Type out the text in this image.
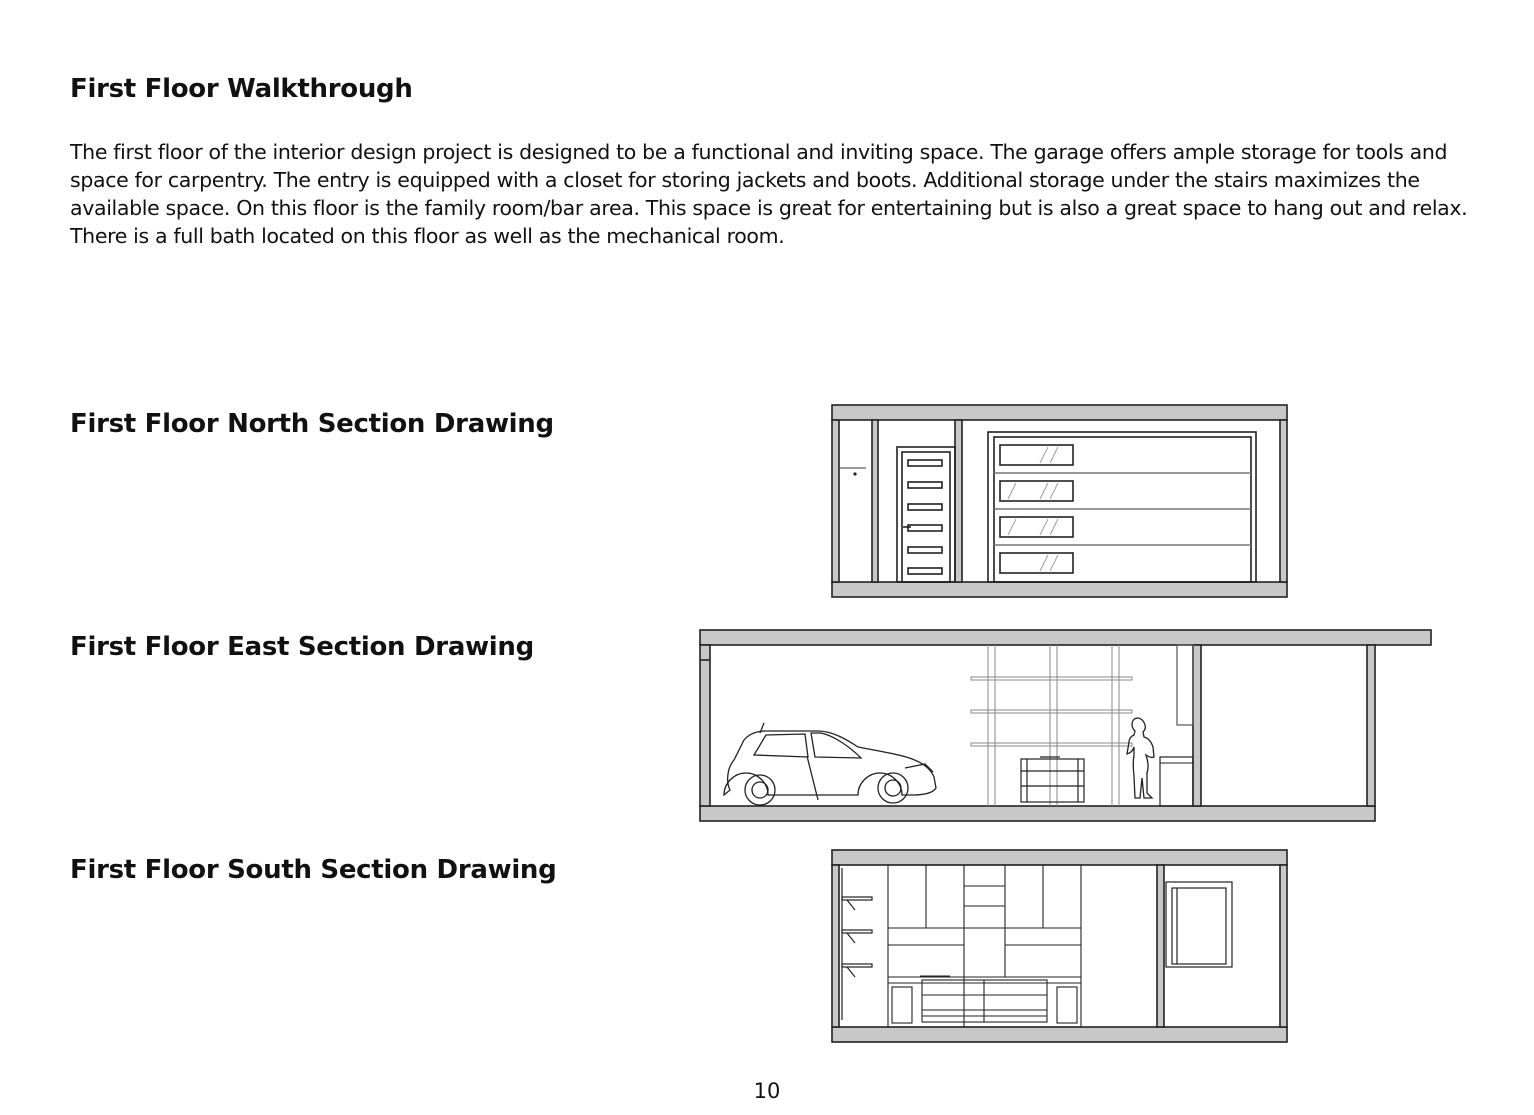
First Floor Walkthrough

The first floor of the interior design project is designed to be a functional and inviting space. The garage offers ample storage for tools and space for carpentry. The entry is equipped with a closet for storing jackets and boots. Additional storage under the stairs maximizes the available space. On this floor is the family room/bar area. This space is great for entertaining but is also a great space to hang out and relax. There is a full bath located on this floor as well as the mechanical room.

First Floor North Section Drawing
First Floor East Section Drawing
First Floor South Section Drawing
10
